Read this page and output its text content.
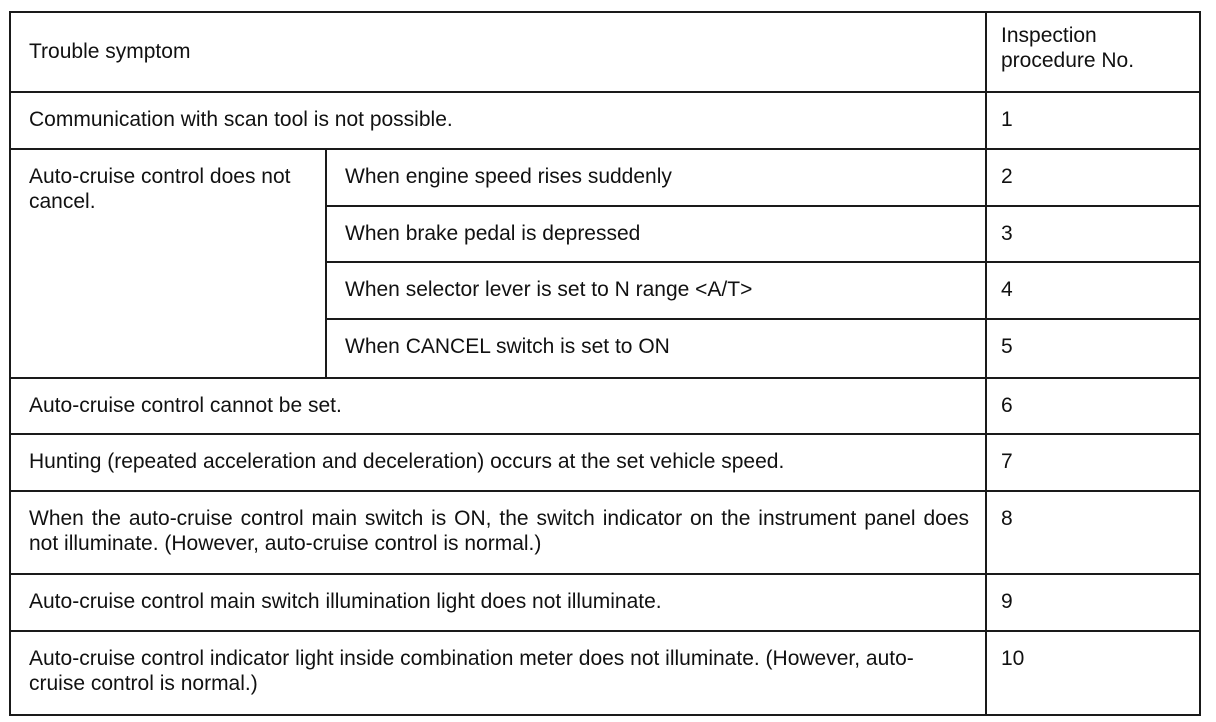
Trouble symptom		Inspection procedure No.
Communication with scan tool is not possible.		1
Auto-cruise control does not cancel.	When engine speed rises suddenly	2
	When brake pedal is depressed	3
	When selector lever is set to N range <A/T>	4
	When CANCEL switch is set to ON	5
Auto-cruise control cannot be set.		6
Hunting (repeated acceleration and deceleration) occurs at the set vehicle speed.		7
When the auto-cruise control main switch is ON, the switch indicator on the instrument panel does not illuminate. (However, auto-cruise control is normal.)		8
Auto-cruise control main switch illumination light does not illuminate.		9
Auto-cruise control indicator light inside combination meter does not illuminate. (However, auto-cruise control is normal.)		10
